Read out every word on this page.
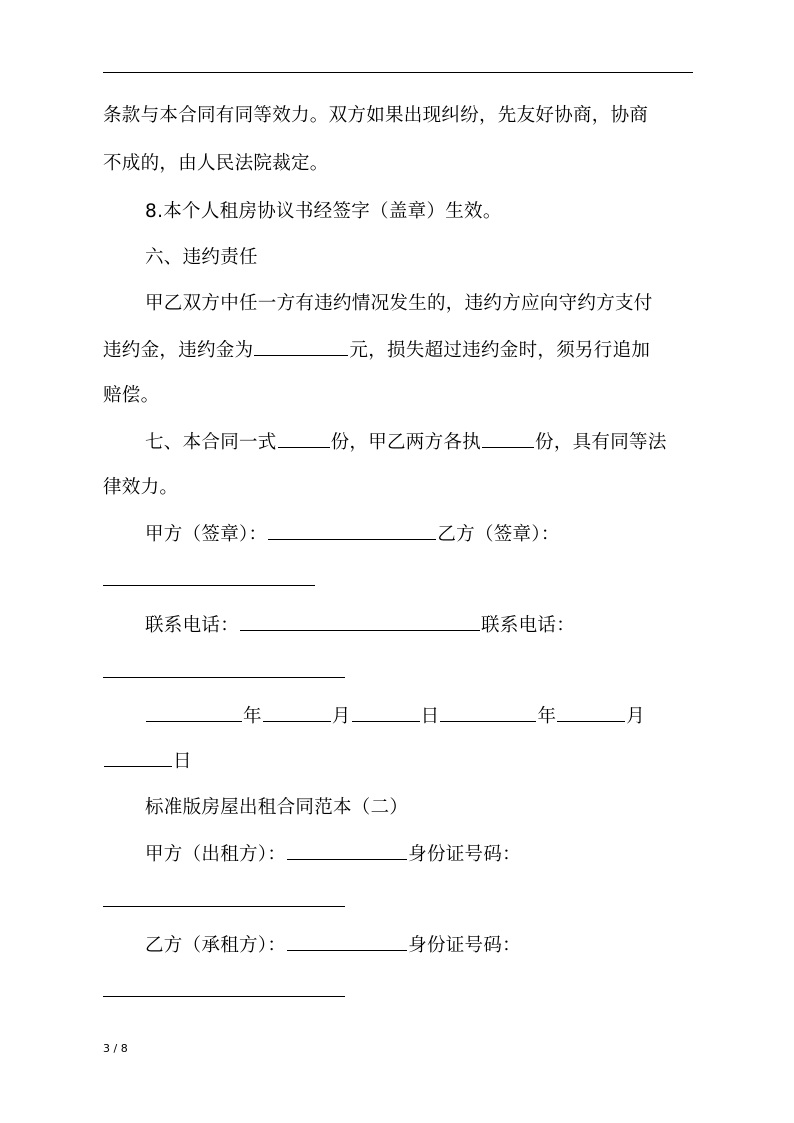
条款与本合同有同等效力。双方如果出现纠纷，先友好协商，协商
不成的，由人民法院裁定。
8.本个人租房协议书经签字（盖章）生效。
六、违约责任
甲乙双方中任一方有违约情况发生的，违约方应向守约方支付
违约金，违约金为	元，损失超过违约金时，须另行追加
赔偿。
七、本合同一式	份，甲乙两方各执	份，具有同等法
律效力。
甲方（签章）：	乙方（签章）：
联系电话：	联系电话：
年	月	日	年	月
日
标准版房屋出租合同范本（二）
甲方（出租方）：	身份证号码：
乙方（承租方）：	身份证号码：
3 / 8
